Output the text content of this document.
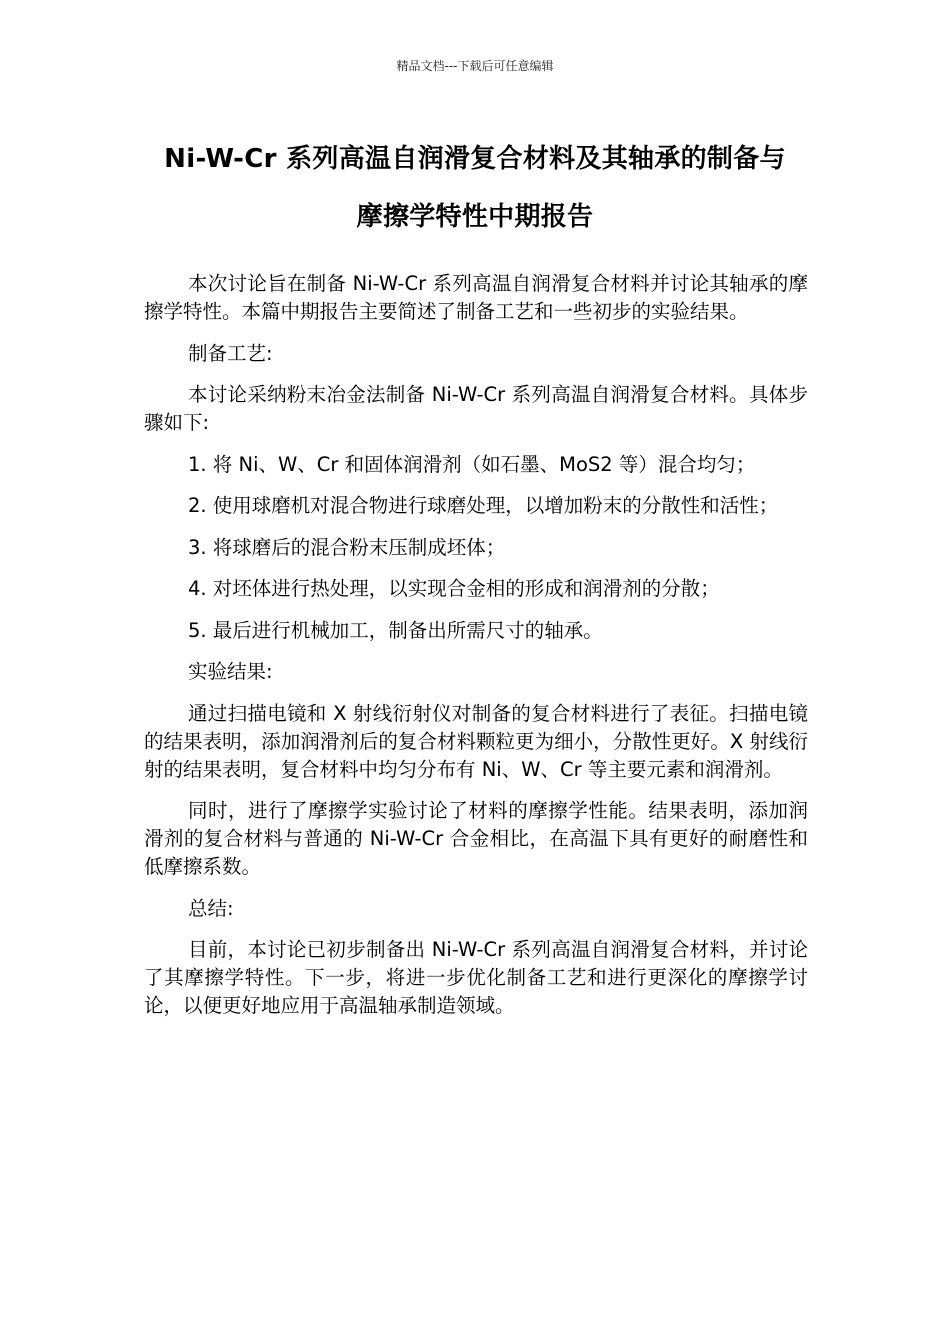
精品文档---下载后可任意编辑
Ni-W-Cr 系列高温自润滑复合材料及其轴承的制备与
摩擦学特性中期报告

本次讨论旨在制备 Ni-W-Cr 系列高温自润滑复合材料并讨论其轴承的摩擦学特性。本篇中期报告主要简述了制备工艺和一些初步的实验结果。

制备工艺:

本讨论采纳粉末冶金法制备 Ni-W-Cr 系列高温自润滑复合材料。具体步骤如下:

1. 将 Ni、W、Cr 和固体润滑剂（如石墨、MoS2 等）混合均匀；
2. 使用球磨机对混合物进行球磨处理，以增加粉末的分散性和活性；
3. 将球磨后的混合粉末压制成坯体；
4. 对坯体进行热处理，以实现合金相的形成和润滑剂的分散；
5. 最后进行机械加工，制备出所需尺寸的轴承。

实验结果:

通过扫描电镜和 X 射线衍射仪对制备的复合材料进行了表征。扫描电镜的结果表明，添加润滑剂后的复合材料颗粒更为细小，分散性更好。X 射线衍射的结果表明，复合材料中均匀分布有 Ni、W、Cr 等主要元素和润滑剂。

同时，进行了摩擦学实验讨论了材料的摩擦学性能。结果表明，添加润滑剂的复合材料与普通的 Ni-W-Cr 合金相比，在高温下具有更好的耐磨性和低摩擦系数。

总结:

目前，本讨论已初步制备出 Ni-W-Cr 系列高温自润滑复合材料，并讨论了其摩擦学特性。下一步，将进一步优化制备工艺和进行更深化的摩擦学讨论，以便更好地应用于高温轴承制造领域。
